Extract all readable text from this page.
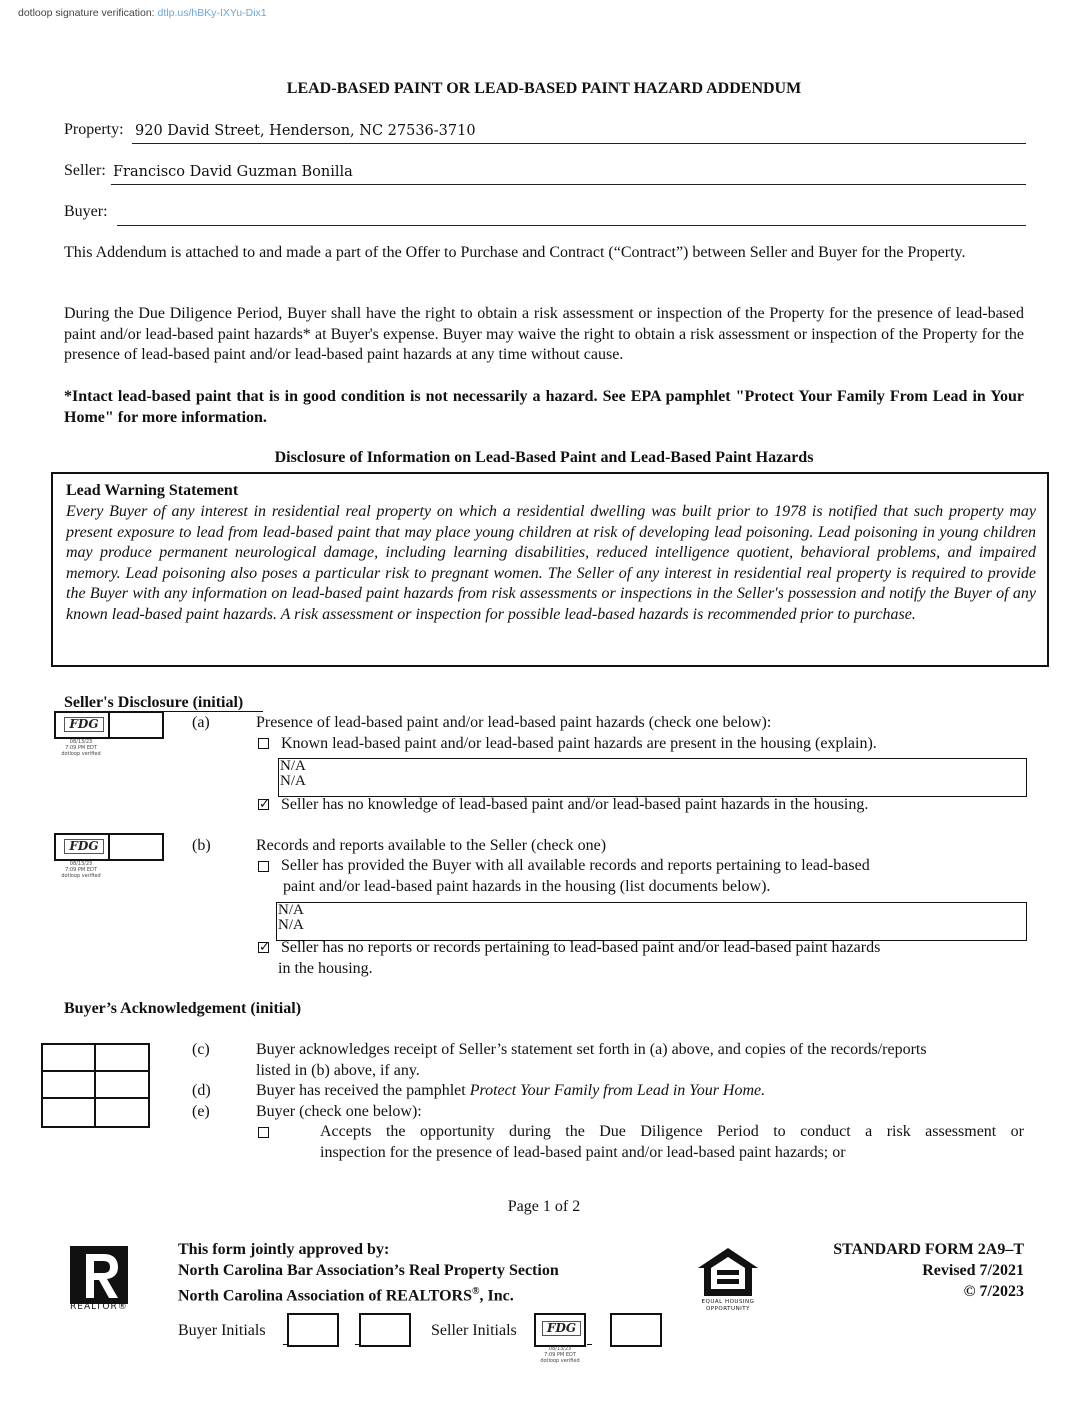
dotloop signature verification: dtlp.us/hBKy-IXYu-Dix1
LEAD-BASED PAINT OR LEAD-BASED PAINT HAZARD ADDENDUM
Property: 920 David Street, Henderson, NC 27536-3710
Seller: Francisco David Guzman Bonilla
Buyer:
This Addendum is attached to and made a part of the Offer to Purchase and Contract (“Contract”) between Seller and Buyer for the Property.
During the Due Diligence Period, Buyer shall have the right to obtain a risk assessment or inspection of the Property for the presence of lead-based paint and/or lead-based paint hazards* at Buyer's expense. Buyer may waive the right to obtain a risk assessment or inspection of the Property for the presence of lead-based paint and/or lead-based paint hazards at any time without cause.
*Intact lead-based paint that is in good condition is not necessarily a hazard. See EPA pamphlet "Protect Your Family From Lead in Your Home" for more information.
Disclosure of Information on Lead-Based Paint and Lead-Based Paint Hazards
Lead Warning Statement
Every Buyer of any interest in residential real property on which a residential dwelling was built prior to 1978 is notified that such property may present exposure to lead from lead-based paint that may place young children at risk of developing lead poisoning. Lead poisoning in young children may produce permanent neurological damage, including learning disabilities, reduced intelligence quotient, behavioral problems, and impaired memory. Lead poisoning also poses a particular risk to pregnant women. The Seller of any interest in residential real property is required to provide the Buyer with any information on lead-based paint hazards from risk assessments or inspections in the Seller's possession and notify the Buyer of any known lead-based paint hazards. A risk assessment or inspection for possible lead-based hazards is recommended prior to purchase.
Seller's Disclosure (initial)
FDG
08/13/23
7:09 PM EDT
dotloop verified
(a)	Presence of lead-based paint and/or lead-based paint hazards (check one below):
Known lead-based paint and/or lead-based paint hazards are present in the housing (explain).
N/A
N/A
✓ Seller has no knowledge of lead-based paint and/or lead-based paint hazards in the housing.
FDG
08/13/23
7:09 PM EDT
dotloop verified
(b)	Records and reports available to the Seller (check one)
Seller has provided the Buyer with all available records and reports pertaining to lead-based
paint and/or lead-based paint hazards in the housing (list documents below).
N/A
N/A
✓ Seller has no reports or records pertaining to lead-based paint and/or lead-based paint hazards
in the housing.
Buyer’s Acknowledgement (initial)
(c)	Buyer acknowledges receipt of Seller’s statement set forth in (a) above, and copies of the records/reports
listed in (b) above, if any.
(d)	Buyer has received the pamphlet Protect Your Family from Lead in Your Home.
(e)	Buyer (check one below):
Accepts the opportunity during the Due Diligence Period to conduct a risk assessment or
inspection for the presence of lead-based paint and/or lead-based paint hazards; or
Page 1 of 2
REALTOR®
This form jointly approved by:
North Carolina Bar Association’s Real Property Section
North Carolina Association of REALTORS®, Inc.	EQUAL HOUSING
OPPORTUNITY
STANDARD FORM 2A9–T
Revised 7/2021
© 7/2023
Buyer Initials	Seller Initials	FDG
08/13/23
7:09 PM EDT
dotloop verified
